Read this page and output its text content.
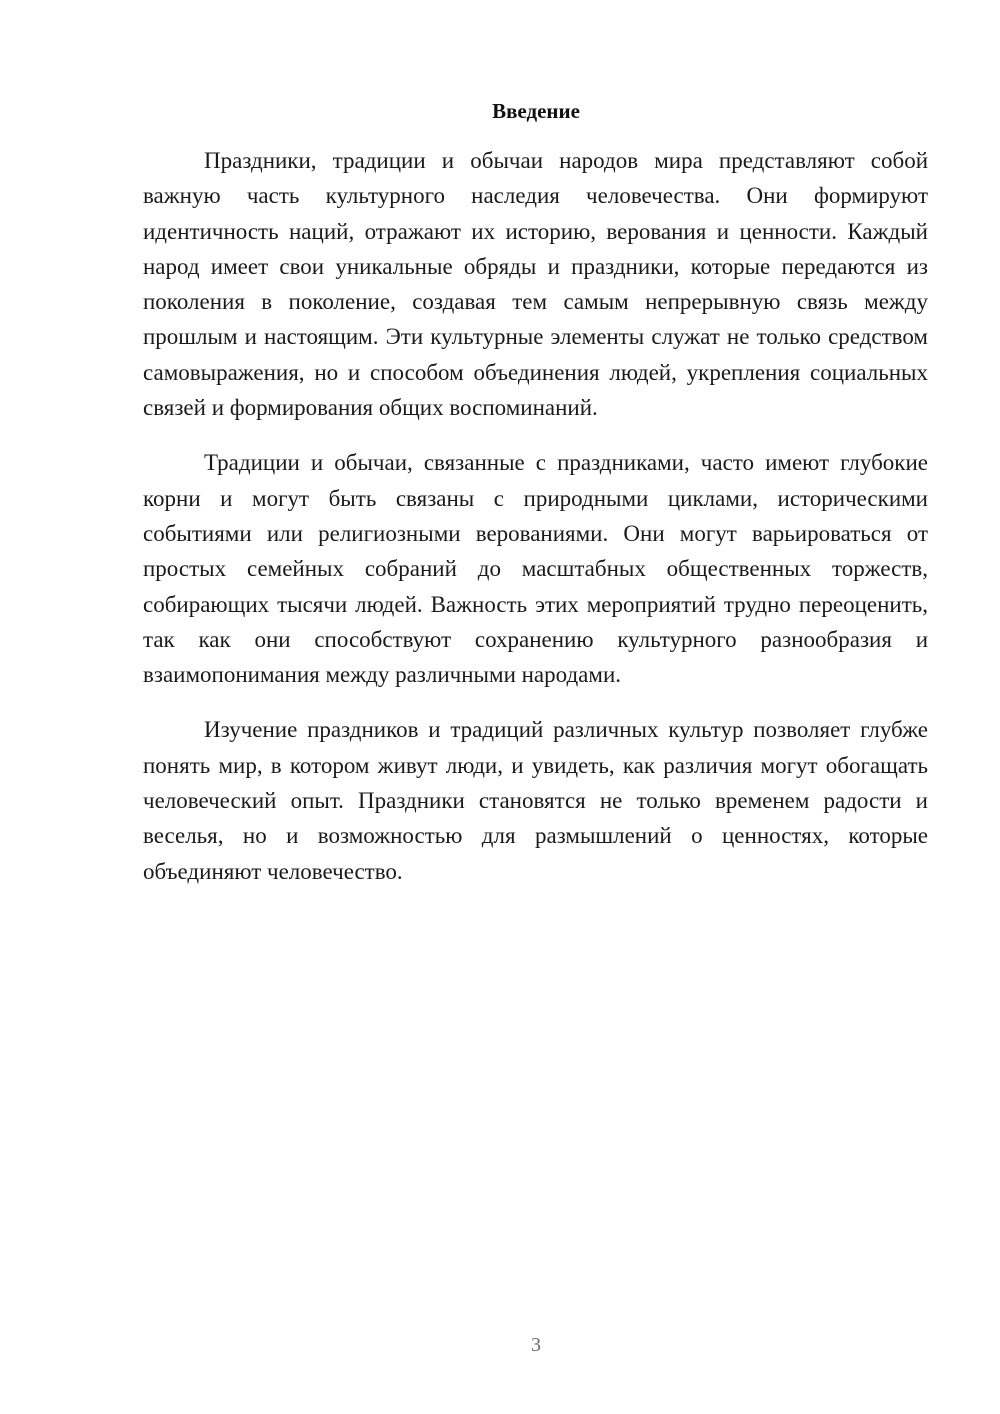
Введение

Праздники, традиции и обычаи народов мира представляют собой важную часть культурного наследия человечества. Они формируют идентичность наций, отражают их историю, верования и ценности. Каждый народ имеет свои уникальные обряды и праздники, которые передаются из поколения в поколение, создавая тем самым непрерывную связь между прошлым и настоящим. Эти культурные элементы служат не только средством самовыражения, но и способом объединения людей, укрепления социальных связей и формирования общих воспоминаний.

Традиции и обычаи, связанные с праздниками, часто имеют глубокие корни и могут быть связаны с природными циклами, историческими событиями или религиозными верованиями. Они могут варьироваться от простых семейных собраний до масштабных общественных торжеств, собирающих тысячи людей. Важность этих мероприятий трудно переоценить, так как они способствуют сохранению культурного разнообразия и взаимопонимания между различными народами.

Изучение праздников и традиций различных культур позволяет глубже понять мир, в котором живут люди, и увидеть, как различия могут обогащать человеческий опыт. Праздники становятся не только временем радости и веселья, но и возможностью для размышлений о ценностях, которые объединяют человечество.

3
